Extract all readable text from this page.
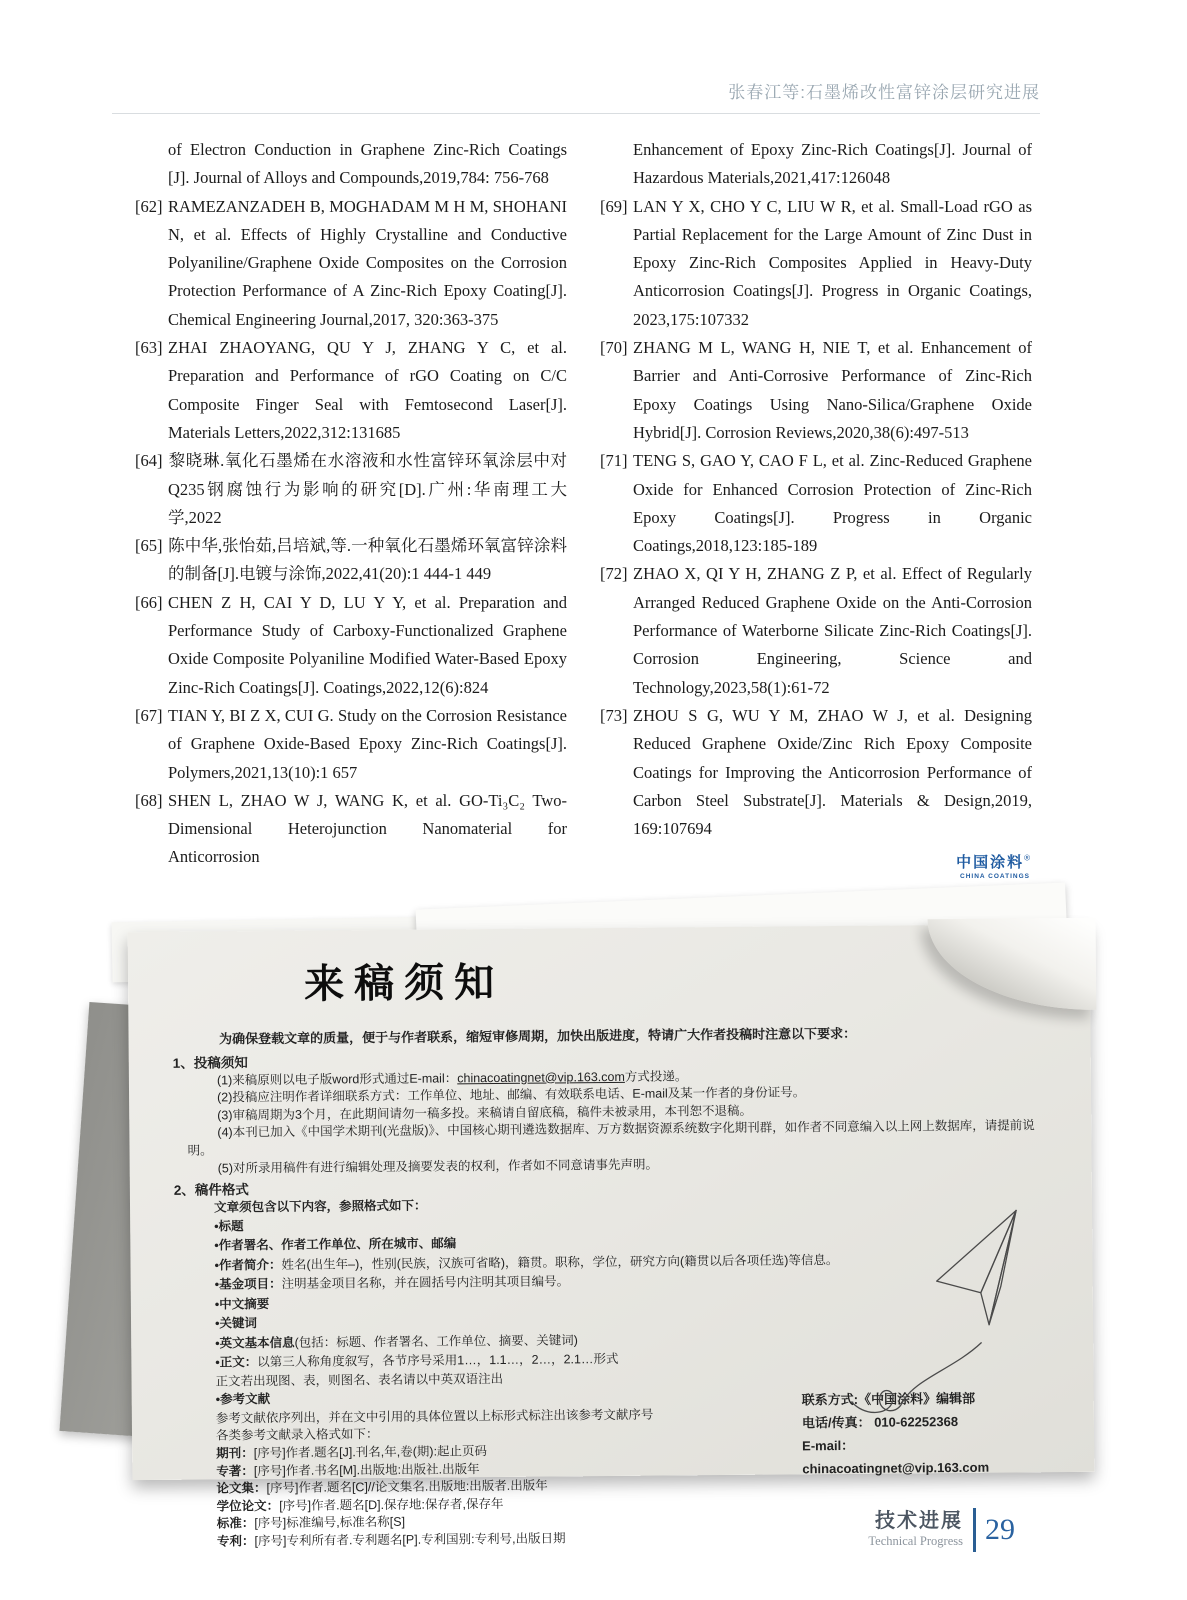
张春江等:石墨烯改性富锌涂层研究进展

of Electron Conduction in Graphene Zinc-Rich Coatings [J]. Journal of Alloys and Compounds,2019,784: 756-768

[62] RAMEZANZADEH B, MOGHADAM M H M, SHOHANI N, et al. Effects of Highly Crystalline and Conductive Polyaniline/Graphene Oxide Composites on the Corrosion Protection Performance of A Zinc-Rich Epoxy Coating[J]. Chemical Engineering Journal,2017, 320:363-375

[63] ZHAI ZHAOYANG, QU Y J, ZHANG Y C, et al. Preparation and Performance of rGO Coating on C/C Composite Finger Seal with Femtosecond Laser[J]. Materials Letters,2022,312:131685

[64] 黎晓琳.氧化石墨烯在水溶液和水性富锌环氧涂层中对Q235钢腐蚀行为影响的研究[D].广州:华南理工大学,2022

[65] 陈中华,张怡茹,吕培斌,等.一种氧化石墨烯环氧富锌涂料的制备[J].电镀与涂饰,2022,41(20):1 444-1 449

[66] CHEN Z H, CAI Y D, LU Y Y, et al. Preparation and Performance Study of Carboxy-Functionalized Graphene Oxide Composite Polyaniline Modified Water-Based Epoxy Zinc-Rich Coatings[J]. Coatings,2022,12(6):824

[67] TIAN Y, BI Z X, CUI G. Study on the Corrosion Resistance of Graphene Oxide-Based Epoxy Zinc-Rich Coatings[J]. Polymers,2021,13(10):1 657

[68] SHEN L, ZHAO W J, WANG K, et al. GO-Ti₃C₂ Two-Dimensional Heterojunction Nanomaterial for Anticorrosion

Enhancement of Epoxy Zinc-Rich Coatings[J]. Journal of Hazardous Materials,2021,417:126048

[69] LAN Y X, CHO Y C, LIU W R, et al. Small-Load rGO as Partial Replacement for the Large Amount of Zinc Dust in Epoxy Zinc-Rich Composites Applied in Heavy-Duty Anticorrosion Coatings[J]. Progress in Organic Coatings, 2023,175:107332

[70] ZHANG M L, WANG H, NIE T, et al. Enhancement of Barrier and Anti-Corrosive Performance of Zinc-Rich Epoxy Coatings Using Nano-Silica/Graphene Oxide Hybrid[J]. Corrosion Reviews,2020,38(6):497-513

[71] TENG S, GAO Y, CAO F L, et al. Zinc-Reduced Graphene Oxide for Enhanced Corrosion Protection of Zinc-Rich Epoxy Coatings[J]. Progress in Organic Coatings,2018,123:185-189

[72] ZHAO X, QI Y H, ZHANG Z P, et al. Effect of Regularly Arranged Reduced Graphene Oxide on the Anti-Corrosion Performance of Waterborne Silicate Zinc-Rich Coatings[J]. Corrosion Engineering, Science and Technology,2023,58(1):61-72

[73] ZHOU S G, WU Y M, ZHAO W J, et al. Designing Reduced Graphene Oxide/Zinc Rich Epoxy Composite Coatings for Improving the Anticorrosion Performance of Carbon Steel Substrate[J]. Materials & Design,2019, 169:107694

中国涂料®
CHINA COATINGS
来稿须知

为确保登载文章的质量，便于与作者联系，缩短审修周期，加快出版进度，特请广大作者投稿时注意以下要求：

1、投稿须知

(1)来稿原则以电子版word形式通过E-mail：chinacoatingnet@vip.163.com方式投递。

(2)投稿应注明作者详细联系方式：工作单位、地址、邮编、有效联系电话、E-mail及某一作者的身份证号。

(3)审稿周期为3个月，在此期间请勿一稿多投。来稿请自留底稿，稿件未被录用，本刊恕不退稿。

(4)本刊已加入《中国学术期刊(光盘版)》、中国核心期刊遴选数据库、万方数据资源系统数字化期刊群，如作者不同意编入以上网上数据库，请提前说明。

(5)对所录用稿件有进行编辑处理及摘要发表的权利，作者如不同意请事先声明。

2、稿件格式

文章须包含以下内容，参照格式如下：

•标题

•作者署名、作者工作单位、所在城市、邮编

•作者简介：姓名(出生年–)，性别(民族，汉族可省略)，籍贯。职称，学位，研究方向(籍贯以后各项任选)等信息。

•基金项目：注明基金项目名称，并在圆括号内注明其项目编号。

•中文摘要

•关键词

•英文基本信息(包括：标题、作者署名、工作单位、摘要、关键词)

•正文：以第三人称角度叙写，各节序号采用1…，1.1…，2…，2.1…形式

正文若出现图、表，则图名、表名请以中英双语注出

•参考文献

参考文献依序列出，并在文中引用的具体位置以上标形式标注出该参考文献序号

各类参考文献录入格式如下：

期刊：[序号]作者.题名[J].刊名,年,卷(期):起止页码

专著：[序号]作者.书名[M].出版地:出版社.出版年

论文集：[序号]作者.题名[C]//论文集名.出版地:出版者.出版年

学位论文：[序号]作者.题名[D].保存地:保存者,保存年

标准：[序号]标准编号,标准名称[S]

专利：[序号]专利所有者.专利题名[P].专利国别:专利号,出版日期

联系方式:《中国涂料》编辑部
电话/传真： 010-62252368
E-mail： chinacoatingnet@vip.163.com
技术进展
Technical Progress 29
